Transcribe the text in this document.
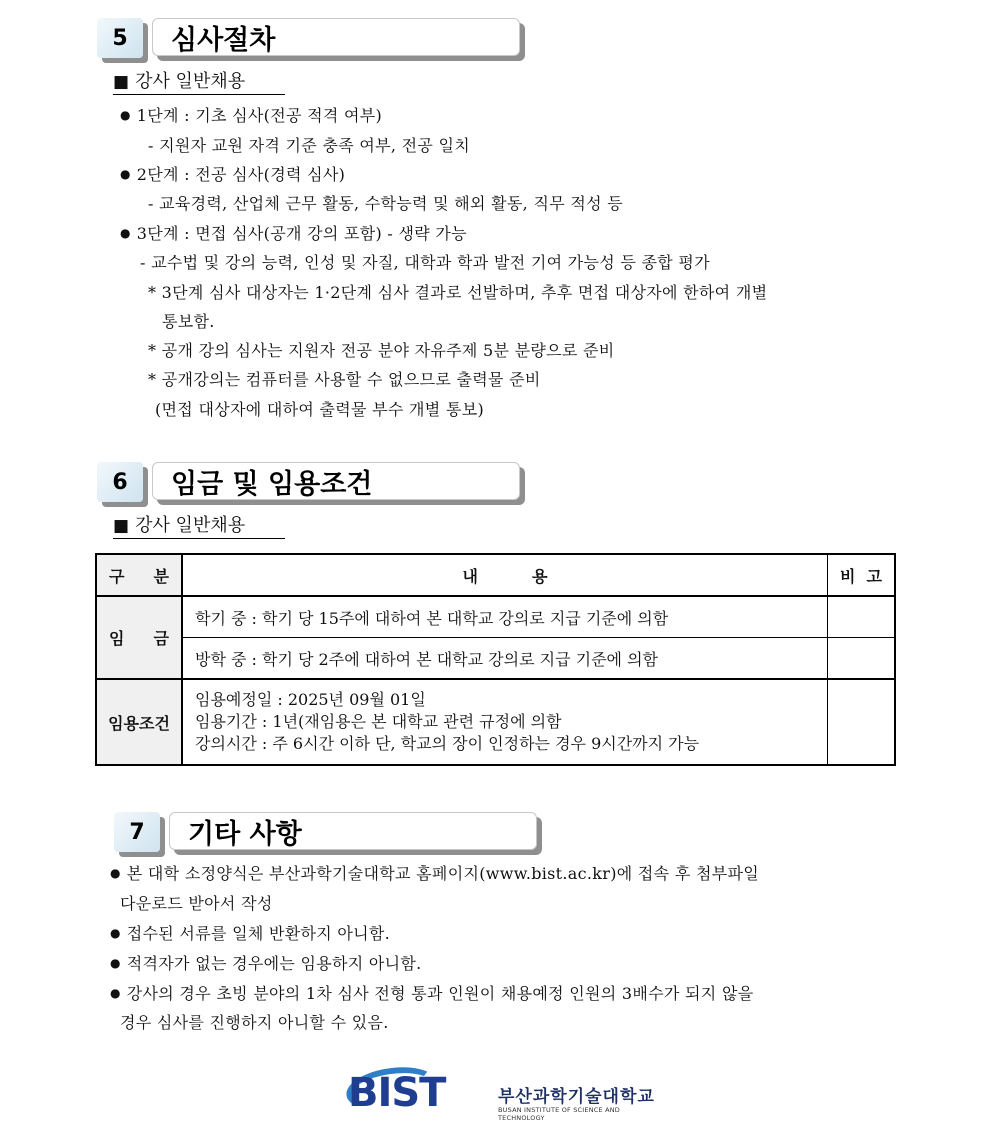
5	심사절차
■ 강사 일반채용
● 1단계 : 기초 심사(전공 적격 여부)
- 지원자 교원 자격 기준 충족 여부, 전공 일치
● 2단계 : 전공 심사(경력 심사)
- 교육경력, 산업체 근무 활동, 수학능력 및 해외 활동, 직무 적성 등
● 3단계 : 면접 심사(공개 강의 포함) - 생략 가능
- 교수법 및 강의 능력, 인성 및 자질, 대학과 학과 발전 기여 가능성 등 종합 평가
* 3단계 심사 대상자는 1·2단계 심사 결과로 선발하며, 추후 면접 대상자에 한하여 개별
통보함.
* 공개 강의 심사는 지원자 전공 분야 자유주제 5분 분량으로 준비
* 공개강의는 컴퓨터를 사용할 수 없으므로 출력물 준비
(면접 대상자에 대하여 출력물 부수 개별 통보)
6	임금 및 임용조건
■ 강사 일반채용
구 분	내 용	비 고

임 금	학기 중 : 학기 당 15주에 대하여 본 대학교 강의로 지급 기준에 의함	
	방학 중 : 학기 당 2주에 대하여 본 대학교 강의로 지급 기준에 의함	
임용조건	임용예정일 : 2025년 09월 01일
임용기간 : 1년(재임용은 본 대학교 관련 규정에 의함
강의시간 : 주 6시간 이하 단, 학교의 장이 인정하는 경우 9시간까지 가능	

7	기타 사항
● 본 대학 소정양식은 부산과학기술대학교 홈페이지(www.bist.ac.kr)에 접속 후 첨부파일
다운로드 받아서 작성
● 접수된 서류를 일체 반환하지 아니함.
● 적격자가 없는 경우에는 임용하지 아니함.
● 강사의 경우 초빙 분야의 1차 심사 전형 통과 인원이 채용예정 인원의 3배수가 되지 않을
경우 심사를 진행하지 아니할 수 있음.
BIST	부산과학기술대학교
BUSAN INSTITUTE OF SCIENCE AND TECHNOLOGY
